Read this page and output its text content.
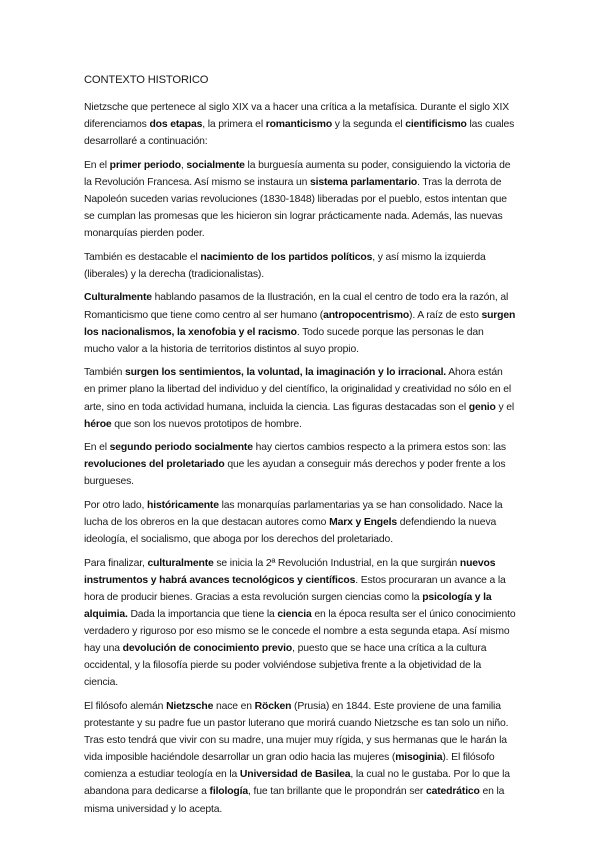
CONTEXTO HISTORICO

Nietzsche que pertenece al siglo XIX va a hacer una crítica a la metafísica. Durante el siglo XIX diferenciamos dos etapas, la primera el romanticismo y la segunda el cientificismo las cuales desarrollaré a continuación:

En el primer periodo, socialmente la burguesía aumenta su poder, consiguiendo la victoria de la Revolución Francesa. Así mismo se instaura un sistema parlamentario. Tras la derrota de Napoleón suceden varias revoluciones (1830-1848) liberadas por el pueblo, estos intentan que se cumplan las promesas que les hicieron sin lograr prácticamente nada. Además, las nuevas monarquías pierden poder.

También es destacable el nacimiento de los partidos políticos, y así mismo la izquierda (liberales) y la derecha (tradicionalistas).

Culturalmente hablando pasamos de la Ilustración, en la cual el centro de todo era la razón, al Romanticismo que tiene como centro al ser humano (antropocentrismo). A raíz de esto surgen los nacionalismos, la xenofobia y el racismo. Todo sucede porque las personas le dan mucho valor a la historia de territorios distintos al suyo propio.

También surgen los sentimientos, la voluntad, la imaginación y lo irracional. Ahora están en primer plano la libertad del individuo y del científico, la originalidad y creatividad no sólo en el arte, sino en toda actividad humana, incluida la ciencia. Las figuras destacadas son el genio y el héroe que son los nuevos prototipos de hombre.

En el segundo periodo socialmente hay ciertos cambios respecto a la primera estos son: las revoluciones del proletariado que les ayudan a conseguir más derechos y poder frente a los burgueses.

Por otro lado, históricamente las monarquías parlamentarias ya se han consolidado. Nace la lucha de los obreros en la que destacan autores como Marx y Engels defendiendo la nueva ideología, el socialismo, que aboga por los derechos del proletariado.

Para finalizar, culturalmente se inicia la 2ª Revolución Industrial, en la que surgirán nuevos instrumentos y habrá avances tecnológicos y científicos. Estos procuraran un avance a la hora de producir bienes. Gracias a esta revolución surgen ciencias como la psicología y la alquimia. Dada la importancia que tiene la ciencia en la época resulta ser el único conocimiento verdadero y riguroso por eso mismo se le concede el nombre a esta segunda etapa. Así mismo hay una devolución de conocimiento previo, puesto que se hace una crítica a la cultura occidental, y la filosofía pierde su poder volviéndose subjetiva frente a la objetividad de la ciencia.

El filósofo alemán Nietzsche nace en Röcken (Prusia) en 1844. Este proviene de una familia protestante y su padre fue un pastor luterano que morirá cuando Nietzsche es tan solo un niño. Tras esto tendrá que vivir con su madre, una mujer muy rígida, y sus hermanas que le harán la vida imposible haciéndole desarrollar un gran odio hacia las mujeres (misoginia). El filósofo comienza a estudiar teología en la Universidad de Basilea, la cual no le gustaba. Por lo que la abandona para dedicarse a filología, fue tan brillante que le propondrán ser catedrático en la misma universidad y lo acepta.
